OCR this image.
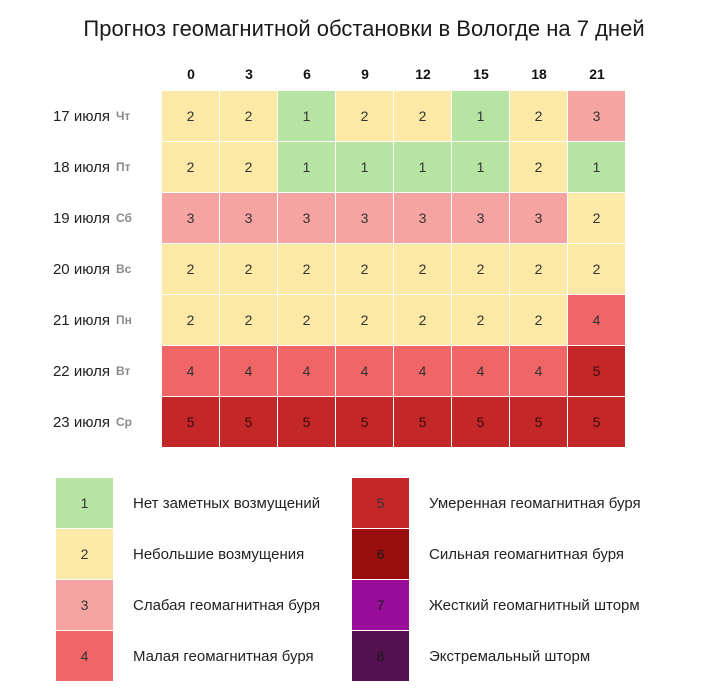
Прогноз геомагнитной обстановки в Вологде на 7 дней
0	3	6	9	12	15	18	21
17 июля Чт	2	2	1	2	2	1	2	3
18 июля Пт	2	2	1	1	1	1	2	1
19 июля Сб	3	3	3	3	3	3	3	2
20 июля Вс	2	2	2	2	2	2	2	2
21 июля Пн	2	2	2	2	2	2	2	4
22 июля Вт	4	4	4	4	4	4	4	5
23 июля Ср	5	5	5	5	5	5	5	5
1	Нет заметных возмущений
2	Небольшие возмущения
3	Слабая геомагнитная буря
4	Малая геомагнитная буря
5	Умеренная геомагнитная буря
6	Сильная геомагнитная буря
7	Жесткий геомагнитный шторм
8	Экстремальный шторм
